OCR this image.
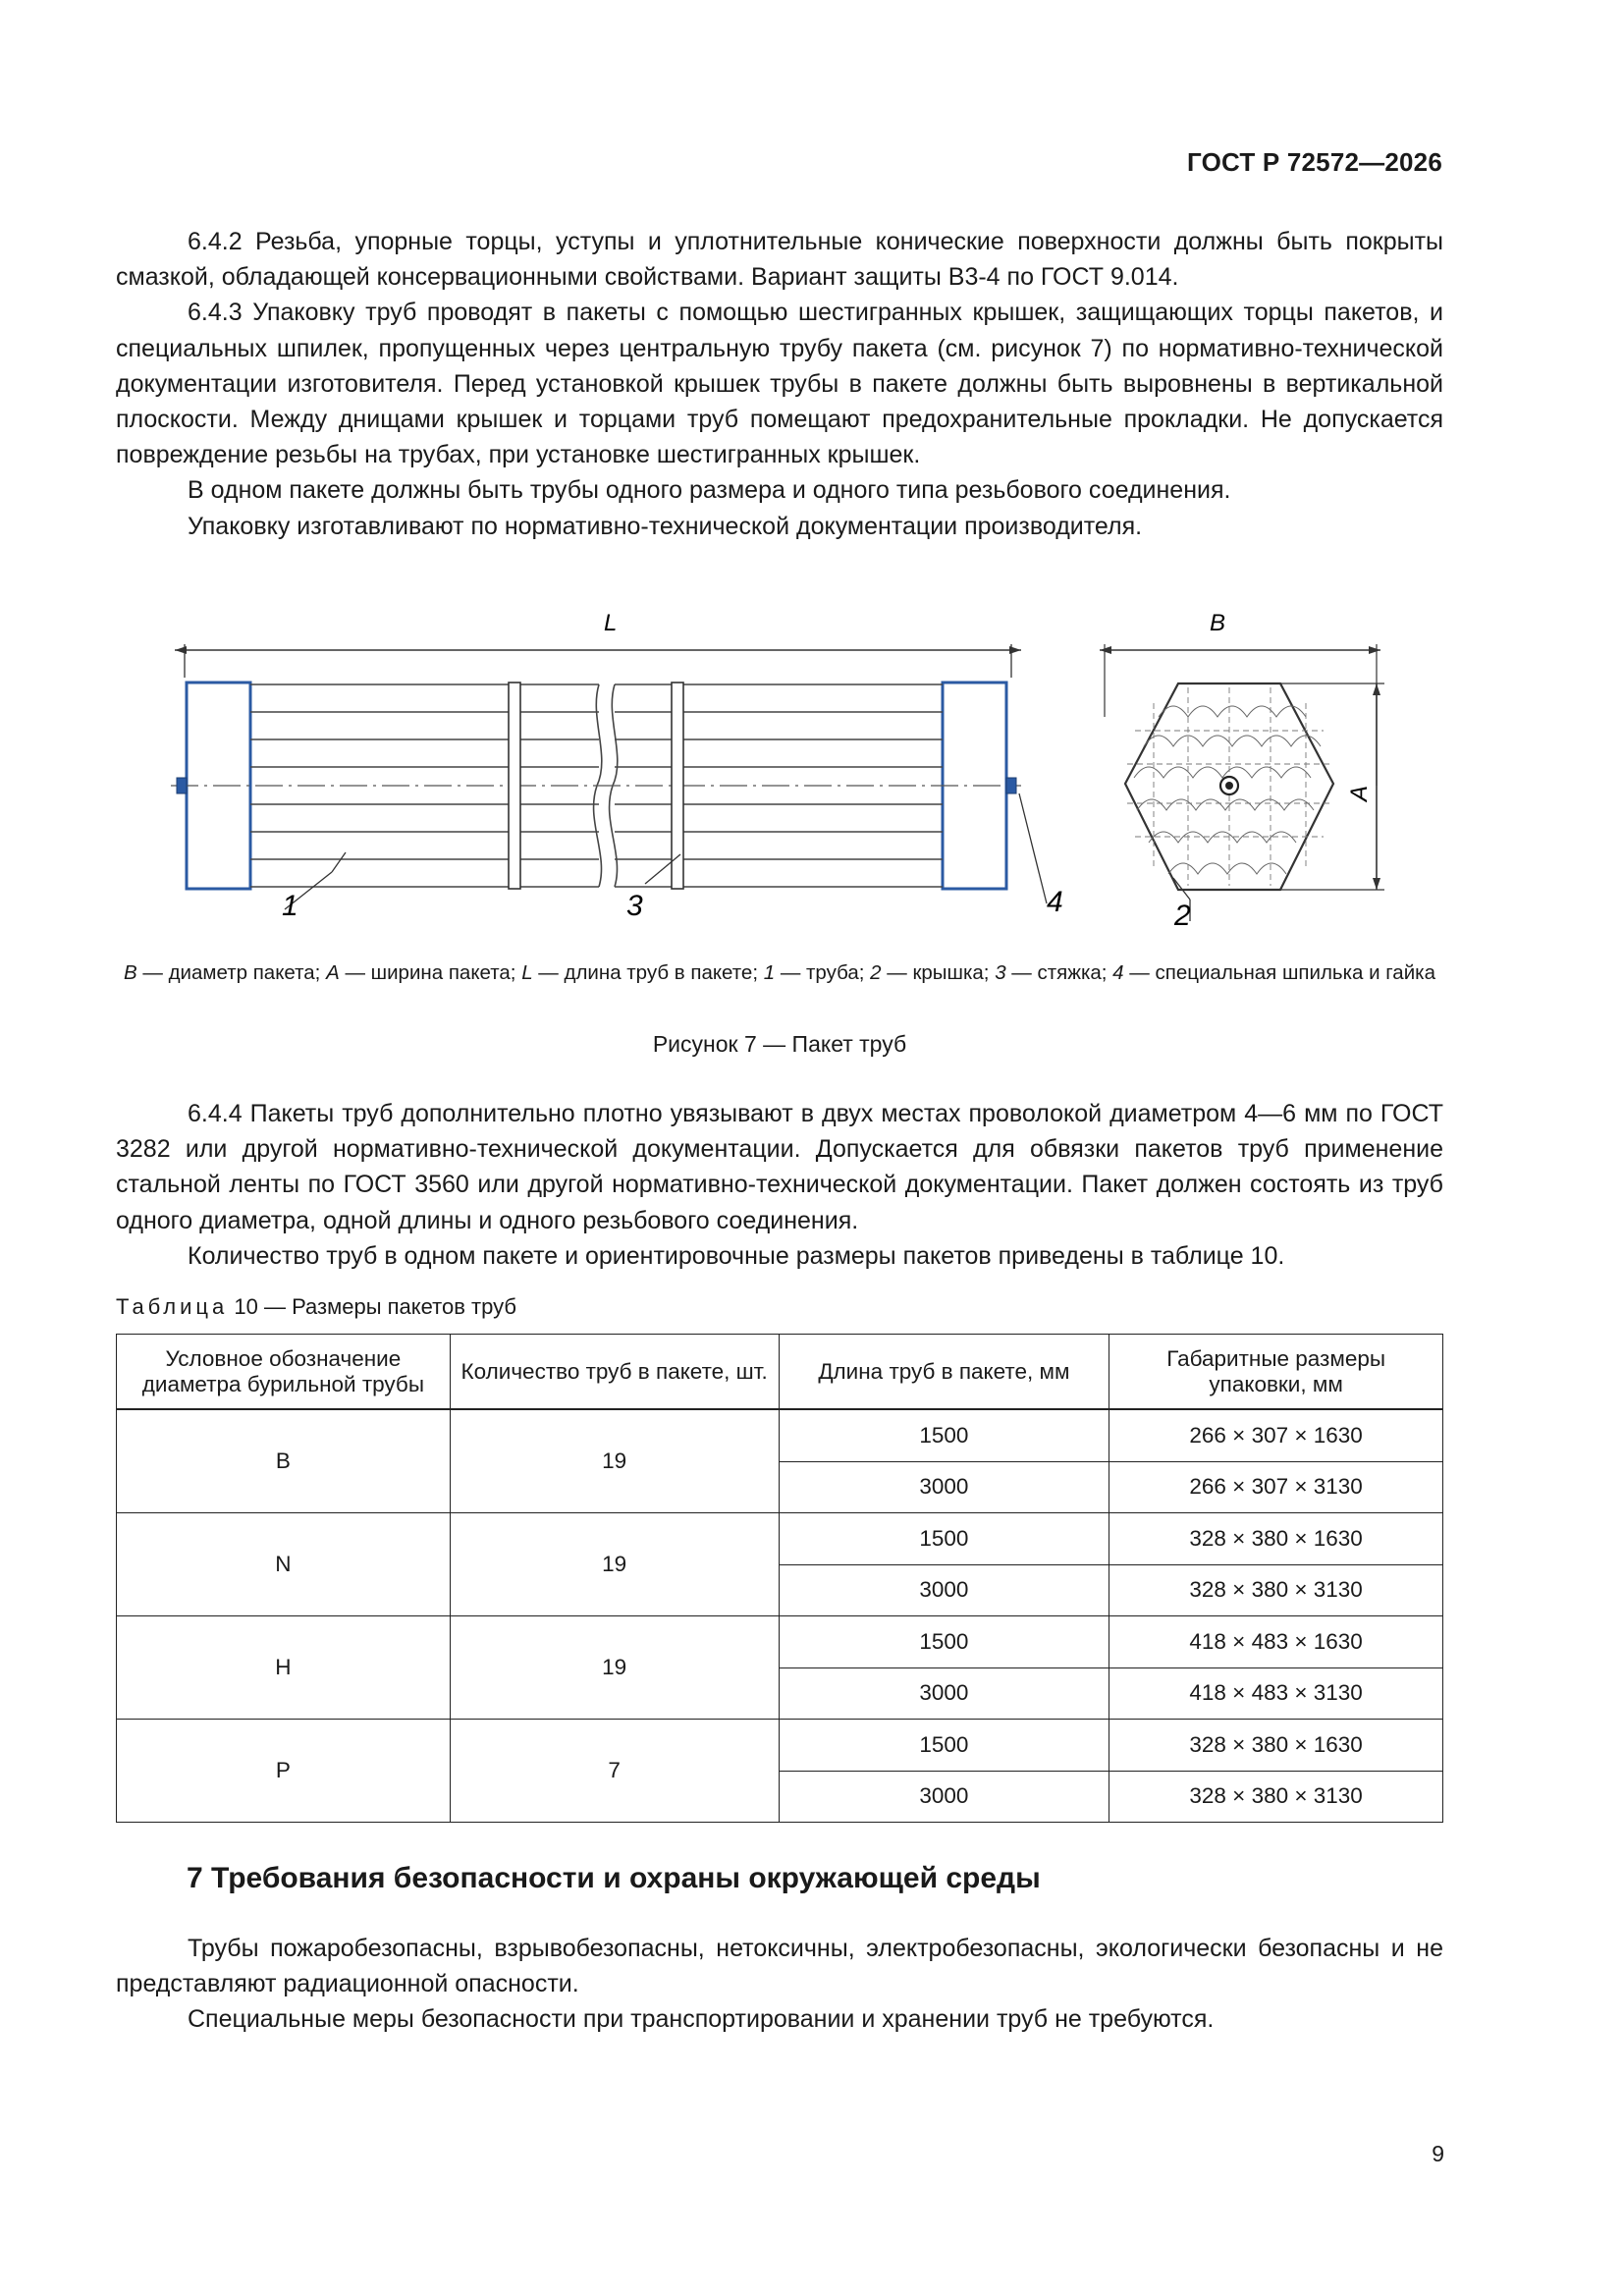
ГОСТ Р 72572—2026

6.4.2 Резьба, упорные торцы, уступы и уплотнительные конические поверхности должны быть покрыты смазкой, обладающей консервационными свойствами. Вариант защиты В3-4 по ГОСТ 9.014.

6.4.3 Упаковку труб проводят в пакеты с помощью шестигранных крышек, защищающих торцы пакетов, и специальных шпилек, пропущенных через центральную трубу пакета (см. рисунок 7) по нормативно-технической документации изготовителя. Перед установкой крышек трубы в пакете должны быть выровнены в вертикальной плоскости. Между днищами крышек и торцами труб помещают предохранительные прокладки. Не допускается повреждение резьбы на трубах, при установке шестигранных крышек.

В одном пакете должны быть трубы одного размера и одного типа резьбового соединения.

Упаковку изготавливают по нормативно-технической документации производителя.

L
1	3	4
B
A
2
B — диаметр пакета; A — ширина пакета; L — длина труб в пакете; 1 — труба; 2 — крышка; 3 — стяжка; 4 — специальная шпилька и гайка
Рисунок 7 — Пакет труб

6.4.4 Пакеты труб дополнительно плотно увязывают в двух местах проволокой диаметром 4—6 мм по ГОСТ 3282 или другой нормативно-технической документации. Допускается для обвязки пакетов труб применение стальной ленты по ГОСТ 3560 или другой нормативно-технической документации. Пакет должен состоять из труб одного диаметра, одной длины и одного резьбового соединения.

Количество труб в одном пакете и ориентировочные размеры пакетов приведены в таблице 10.

Таблица 10 — Размеры пакетов труб
Условное обозначение диаметра бурильной трубы	Количество труб в пакете, шт.	Длина труб в пакете, мм	Габаритные размеры упаковки, мм
B	19	1500	266 × 307 × 1630
		3000	266 × 307 × 3130
N	19	1500	328 × 380 × 1630
		3000	328 × 380 × 3130
H	19	1500	418 × 483 × 1630
		3000	418 × 483 × 3130
P	7	1500	328 × 380 × 1630
		3000	328 × 380 × 3130
7 Требования безопасности и охраны окружающей среды

Трубы пожаробезопасны, взрывобезопасны, нетоксичны, электробезопасны, экологически безопасны и не представляют радиационной опасности.

Специальные меры безопасности при транспортировании и хранении труб не требуются.

9
